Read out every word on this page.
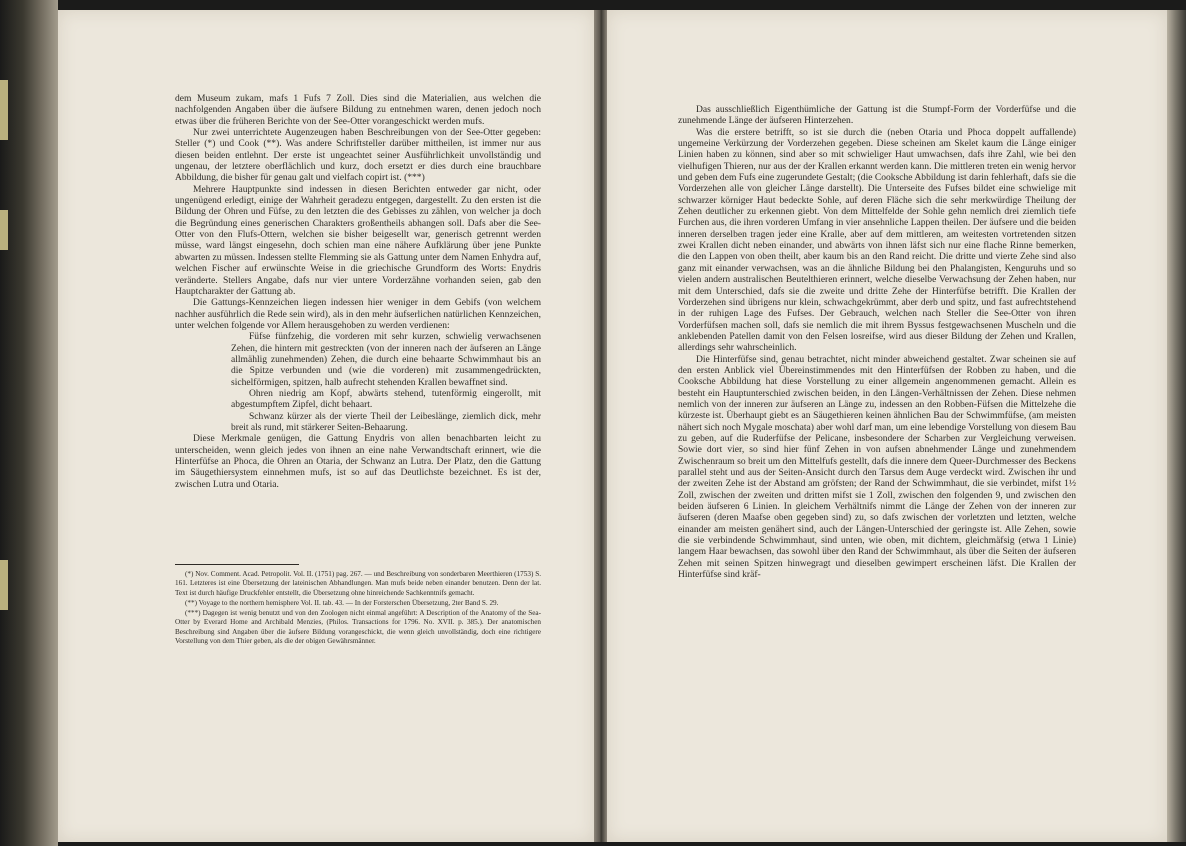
dem Museum zukam, mafs 1 Fufs 7 Zoll. Dies sind die Materialien, aus welchen die nachfolgenden Angaben über die äufsere Bildung zu entnehmen waren, denen jedoch noch etwas über die früheren Berichte von der See-Otter vorangeschickt werden mufs.

Nur zwei unterrichtete Augenzeugen haben Beschreibungen von der See-Otter gegeben: Steller (*) und Cook (**). Was andere Schriftsteller darüber mittheilen, ist immer nur aus diesen beiden entlehnt. Der erste ist ungeachtet seiner Ausführlichkeit unvollständig und ungenau, der letztere oberflächlich und kurz, doch ersetzt er dies durch eine brauchbare Abbildung, die bisher für genau galt und vielfach copirt ist. (***)

Mehrere Hauptpunkte sind indessen in diesen Berichten entweder gar nicht, oder ungenügend erledigt, einige der Wahrheit geradezu entgegen, dargestellt. Zu den ersten ist die Bildung der Ohren und Füfse, zu den letzten die des Gebisses zu zählen, von welcher ja doch die Begründung eines generischen Charakters großentheils abhangen soll. Dafs aber die See-Otter von den Flufs-Ottern, welchen sie bisher beigesellt war, generisch getrennt werden müsse, ward längst eingesehn, doch schien man eine nähere Aufklärung über jene Punkte abwarten zu müssen. Indessen stellte Flemming sie als Gattung unter dem Namen Enhydra auf, welchen Fischer auf erwünschte Weise in die griechische Grundform des Worts: Enydris veränderte. Stellers Angabe, dafs nur vier untere Vorderzähne vorhanden seien, gab den Hauptcharakter der Gattung ab.

Die Gattungs-Kennzeichen liegen indessen hier weniger in dem Gebifs (von welchem nachher ausführlich die Rede sein wird), als in den mehr äufserlichen natürlichen Kennzeichen, unter welchen folgende vor Allem herausgehoben zu werden verdienen:

Füfse fünfzehig, die vorderen mit sehr kurzen, schwielig verwachsenen Zehen, die hintern mit gestreckten (von der inneren nach der äufseren an Länge allmählig zunehmenden) Zehen, die durch eine behaarte Schwimmhaut bis an die Spitze verbunden und (wie die vorderen) mit zusammengedrückten, sichelförmigen, spitzen, halb aufrecht stehenden Krallen bewaffnet sind.

Ohren niedrig am Kopf, abwärts stehend, tutenförmig eingerollt, mit abgestumpftem Zipfel, dicht behaart.

Schwanz kürzer als der vierte Theil der Leibeslänge, ziemlich dick, mehr breit als rund, mit stärkerer Seiten-Behaarung.

Diese Merkmale genügen, die Gattung Enydris von allen benachbarten leicht zu unterscheiden, wenn gleich jedes von ihnen an eine nahe Verwandtschaft erinnert, wie die Hinterfüfse an Phoca, die Ohren an Otaria, der Schwanz an Lutra. Der Platz, den die Gattung im Säugethiersystem einnehmen mufs, ist so auf das Deutlichste bezeichnet. Es ist der, zwischen Lutra und Otaria.

(*) Nov. Comment. Acad. Petropolit. Vol. II. (1751) pag. 267. — und Beschreibung von sonderbaren Meerthieren (1753) S. 161. Letzteres ist eine Übersetzung der lateinischen Abhandlungen. Man mufs beide neben einander benutzen. Denn der lat. Text ist durch häufige Druckfehler entstellt, die Übersetzung ohne hinreichende Sachkenntnifs gemacht.

(**) Voyage to the northern hemisphere Vol. II. tab. 43. — In der Forsterschen Übersetzung, 2ter Band S. 29.

(***) Dagegen ist wenig benutzt und von den Zoologen nicht einmal angeführt: A Description of the Anatomy of the Sea-Otter by Everard Home and Archibald Menzies, (Philos. Transactions for 1796. No. XVII. p. 385.). Der anatomischen Beschreibung sind Angaben über die äufsere Bildung vorangeschickt, die wenn gleich unvollständig, doch eine richtigere Vorstellung von dem Thier geben, als die der obigen Gewährsmänner.

Das ausschließlich Eigenthümliche der Gattung ist die Stumpf-Form der Vorderfüfse und die zunehmende Länge der äufseren Hinterzehen.

Was die erstere betrifft, so ist sie durch die (neben Otaria und Phoca doppelt auffallende) ungemeine Verkürzung der Vorderzehen gegeben. Diese scheinen am Skelet kaum die Länge einiger Linien haben zu können, sind aber so mit schwieliger Haut umwachsen, dafs ihre Zahl, wie bei den vielhufigen Thieren, nur aus der der Krallen erkannt werden kann. Die mittleren treten ein wenig hervor und geben dem Fufs eine zugerundete Gestalt; (die Cooksche Abbildung ist darin fehlerhaft, dafs sie die Vorderzehen alle von gleicher Länge darstellt). Die Unterseite des Fufses bildet eine schwielige mit schwarzer körniger Haut bedeckte Sohle, auf deren Fläche sich die sehr merkwürdige Theilung der Zehen deutlicher zu erkennen giebt. Von dem Mittelfelde der Sohle gehn nemlich drei ziemlich tiefe Furchen aus, die ihren vorderen Umfang in vier ansehnliche Lappen theilen. Der äufsere und die beiden inneren derselben tragen jeder eine Kralle, aber auf dem mittleren, am weitesten vortretenden sitzen zwei Krallen dicht neben einander, und abwärts von ihnen läfst sich nur eine flache Rinne bemerken, die den Lappen von oben theilt, aber kaum bis an den Rand reicht. Die dritte und vierte Zehe sind also ganz mit einander verwachsen, was an die ähnliche Bildung bei den Phalangisten, Kenguruhs und so vielen andern australischen Beutelthieren erinnert, welche dieselbe Verwachsung der Zehen haben, nur mit dem Unterschied, dafs sie die zweite und dritte Zehe der Hinterfüfse betrifft. Die Krallen der Vorderzehen sind übrigens nur klein, schwachgekrümmt, aber derb und spitz, und fast aufrechtstehend in der ruhigen Lage des Fufses. Der Gebrauch, welchen nach Steller die See-Otter von ihren Vorderfüfsen machen soll, dafs sie nemlich die mit ihrem Byssus festgewachsenen Muscheln und die anklebenden Patellen damit von den Felsen losreifse, wird aus dieser Bildung der Zehen und Krallen, allerdings sehr wahrscheinlich.

Die Hinterfüfse sind, genau betrachtet, nicht minder abweichend gestaltet. Zwar scheinen sie auf den ersten Anblick viel Übereinstimmendes mit den Hinterfüfsen der Robben zu haben, und die Cooksche Abbildung hat diese Vorstellung zu einer allgemein angenommenen gemacht. Allein es besteht ein Hauptunterschied zwischen beiden, in den Längen-Verhältnissen der Zehen. Diese nehmen nemlich von der inneren zur äufseren an Länge zu, indessen an den Robben-Füfsen die Mittelzehe die kürzeste ist. Überhaupt giebt es an Säugethieren keinen ähnlichen Bau der Schwimmfüfse, (am meisten nähert sich noch Mygale moschata) aber wohl darf man, um eine lebendige Vorstellung von diesem Bau zu geben, auf die Ruderfüfse der Pelicane, insbesondere der Scharben zur Vergleichung verweisen. Sowie dort vier, so sind hier fünf Zehen in von aufsen abnehmender Länge und zunehmendem Zwischenraum so breit um den Mittelfufs gestellt, dafs die innere dem Queer-Durchmesser des Beckens parallel steht und aus der Seiten-Ansicht durch den Tarsus dem Auge verdeckt wird. Zwischen ihr und der zweiten Zehe ist der Abstand am gröfsten; der Rand der Schwimmhaut, die sie verbindet, mifst 1½ Zoll, zwischen der zweiten und dritten mifst sie 1 Zoll, zwischen den folgenden 9, und zwischen den beiden äufseren 6 Linien. In gleichem Verhältnifs nimmt die Länge der Zehen von der inneren zur äufseren (deren Maafse oben gegeben sind) zu, so dafs zwischen der vorletzten und letzten, welche einander am meisten genähert sind, auch der Längen-Unterschied der geringste ist. Alle Zehen, sowie die sie verbindende Schwimmhaut, sind unten, wie oben, mit dichtem, gleichmäfsig (etwa 1 Linie) langem Haar bewachsen, das sowohl über den Rand der Schwimmhaut, als über die Seiten der äufseren Zehen mit seinen Spitzen hinwegragt und dieselben gewimpert erscheinen läfst. Die Krallen der Hinterfüfse sind kräf-
